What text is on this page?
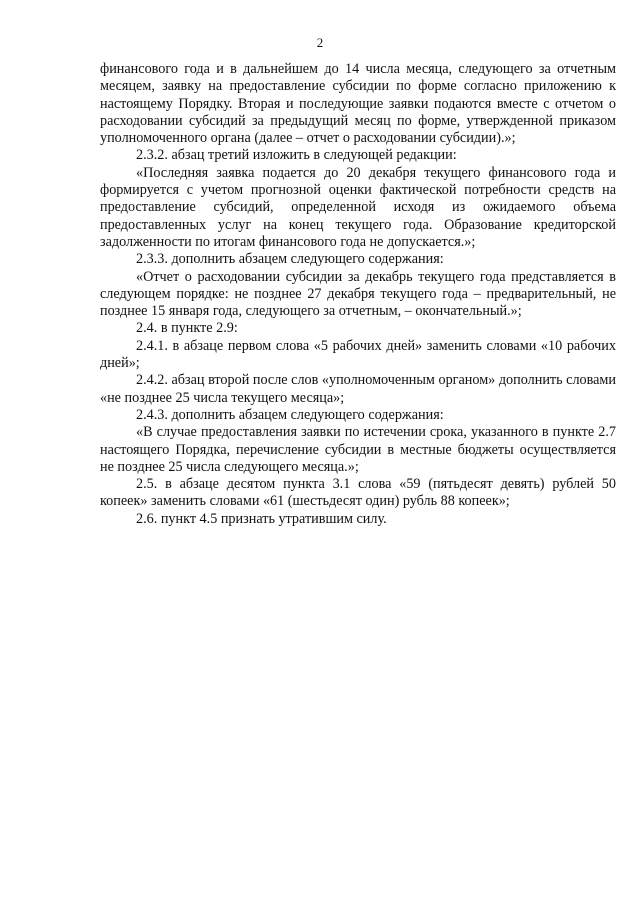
2

финансового года и в дальнейшем до 14 числа месяца, следующего за отчетным месяцем, заявку на предоставление субсидии по форме согласно приложению к настоящему Порядку. Вторая и последующие заявки подаются вместе с отчетом о расходовании субсидий за предыдущий месяц по форме, утвержденной приказом уполномоченного органа (далее – отчет о расходовании субсидии).»;

2.3.2. абзац третий изложить в следующей редакции:

«Последняя заявка подается до 20 декабря текущего финансового года и формируется с учетом прогнозной оценки фактической потребности средств на предоставление субсидий, определенной исходя из ожидаемого объема предоставленных услуг на конец текущего года. Образование кредиторской задолженности по итогам финансового года не допускается.»;

2.3.3. дополнить абзацем следующего содержания:

«Отчет о расходовании субсидии за декабрь текущего года представляется в следующем порядке: не позднее 27 декабря текущего года – предварительный, не позднее 15 января года, следующего за отчетным, – окончательный.»;

2.4. в пункте 2.9:

2.4.1. в абзаце первом слова «5 рабочих дней» заменить словами «10 рабочих дней»;

2.4.2. абзац второй после слов «уполномоченным органом» дополнить словами «не позднее 25 числа текущего месяца»;

2.4.3. дополнить абзацем следующего содержания:

«В случае предоставления заявки по истечении срока, указанного в пункте 2.7 настоящего Порядка, перечисление субсидии в местные бюджеты осуществляется не позднее 25 числа следующего месяца.»;

2.5. в абзаце десятом пункта 3.1 слова «59 (пятьдесят девять) рублей 50 копеек» заменить словами «61 (шестьдесят один) рубль 88 копеек»;

2.6. пункт 4.5 признать утратившим силу.
